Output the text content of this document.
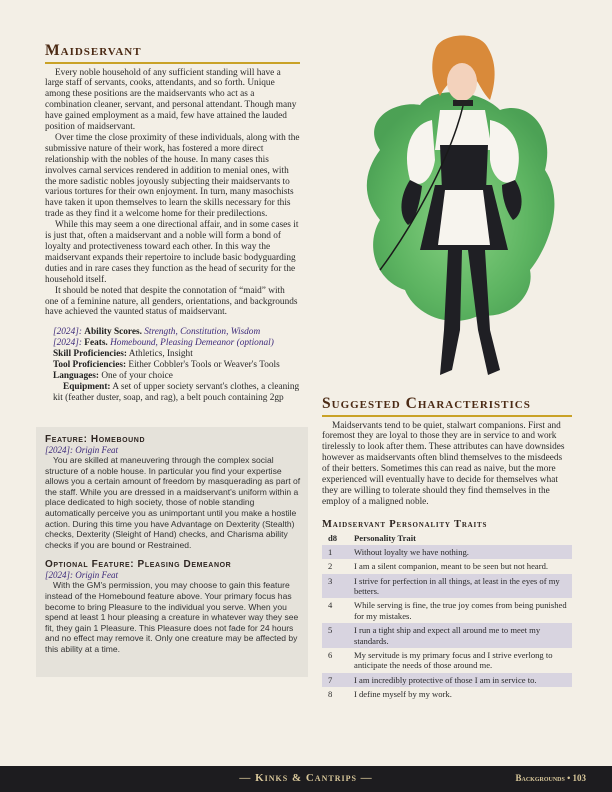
Maidservant

Every noble household of any sufficient standing will have a large staff of servants, cooks, attendants, and so forth. Unique among these positions are the maidservants who act as a combination cleaner, servant, and personal attendant. Though many have gained employment as a maid, few have attained the lauded position of maidservant.

Over time the close proximity of these individuals, along with the submissive nature of their work, has fostered a more direct relationship with the nobles of the house. In many cases this involves carnal services rendered in addition to menial ones, with the more sadistic nobles joyously subjecting their maidservants to various tortures for their own enjoyment. In turn, many masochists have taken it upon themselves to learn the skills necessary for this trade as they find it a welcome home for their predilections.

While this may seem a one directional affair, and in some cases it is just that, often a maidservant and a noble will form a bond of loyalty and protectiveness toward each other. In this way the maidservant expands their repertoire to include basic bodyguarding duties and in rare cases they function as the head of security for the household itself.

It should be noted that despite the connotation of “maid” with one of a feminine nature, all genders, orientations, and backgrounds have achieved the vaunted status of maidservant.

[2024]: Ability Scores. Strength, Constitution, Wisdom

[2024]: Feats. Homebound, Pleasing Demeanor (optional)

Skill Proficiencies: Athletics, Insight

Tool Proficiencies: Either Cobbler's Tools or Weaver's Tools

Languages: One of your choice

Equipment: A set of upper society servant's clothes, a cleaning kit (feather duster, soap, and rag), a belt pouch containing 2gp

Feature: Homebound

[2024]: Origin Feat

You are skilled at maneuvering through the complex social structure of a noble house. In particular you find your expertise allows you a certain amount of freedom by masquerading as part of the staff. While you are dressed in a maidservant's uniform within a place dedicated to high society, those of noble standing automatically perceive you as unimportant until you make a hostile action. During this time you have Advantage on Dexterity (Stealth) checks, Dexterity (Sleight of Hand) checks, and Charisma ability checks if you are bound or Restrained.

Optional Feature: Pleasing Demeanor

[2024]: Origin Feat

With the GM's permission, you may choose to gain this feature instead of the Homebound feature above. Your primary focus has become to bring Pleasure to the individual you serve. When you spend at least 1 hour pleasing a creature in whatever way they see fit, they gain 1 Pleasure. This Pleasure does not fade for 24 hours and no effect may remove it. Only one creature may be affected by this ability at a time.

Suggested Characteristics

Maidservants tend to be quiet, stalwart companions. First and foremost they are loyal to those they are in service to and work tirelessly to look after them. These attributes can have downsides however as maidservants often blind themselves to the misdeeds of their betters. Sometimes this can read as naive, but the more experienced will eventually have to decide for themselves what they are willing to tolerate should they find themselves in the employ of a maligned noble.

Maidservant Personality Traits
d8	Personality Trait
1	Without loyalty we have nothing.
2	I am a silent companion, meant to be seen but not heard.
3	I strive for perfection in all things, at least in the eyes of my betters.
4	While serving is fine, the true joy comes from being punished for my mistakes.
5	I run a tight ship and expect all around me to meet my standards.
6	My servitude is my primary focus and I strive everlong to anticipate the needs of those around me.
7	I am incredibly protective of those I am in service to.
8	I define myself by my work.
— Kinks & Cantrips —	Backgrounds • 103
